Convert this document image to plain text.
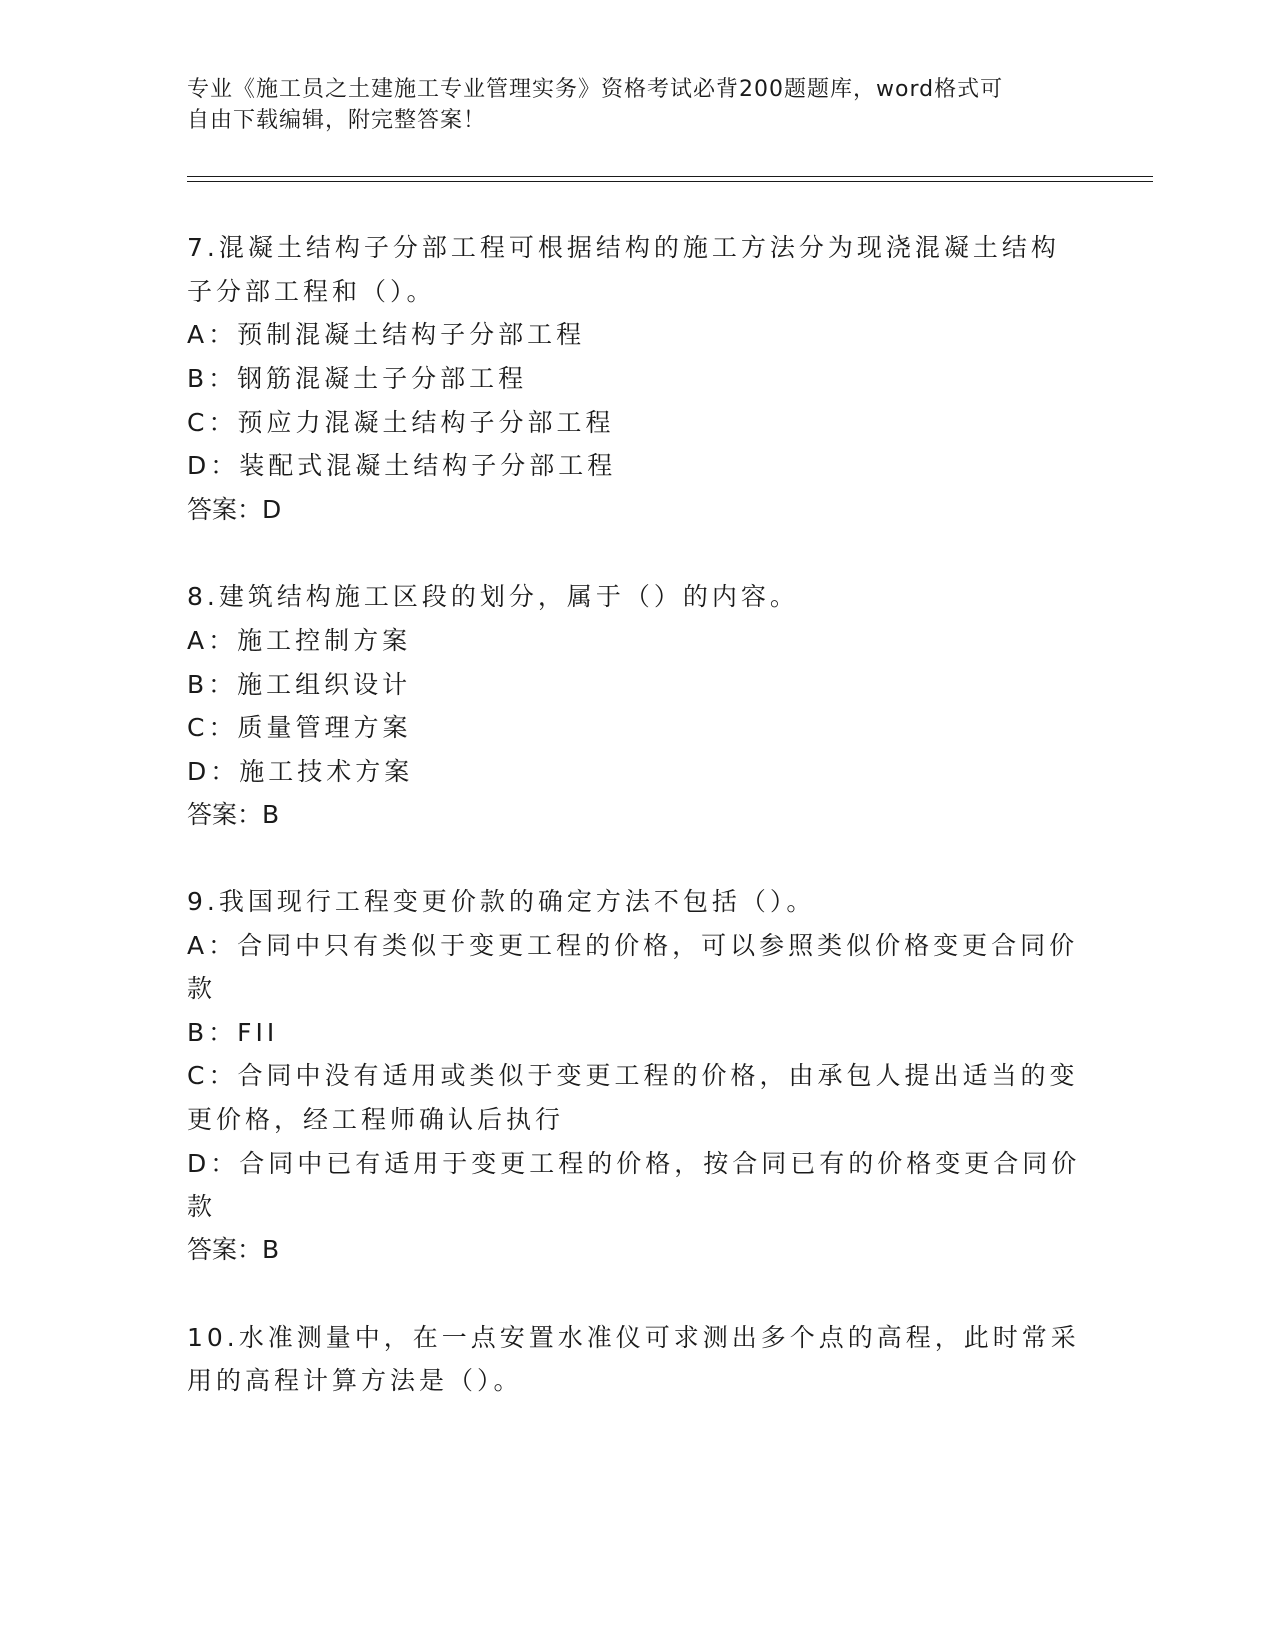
专业《施工员之土建施工专业管理实务》资格考试必背200题题库，word格式可
自由下载编辑，附完整答案！
7.混凝土结构子分部工程可根据结构的施工方法分为现浇混凝土结构
子分部工程和（）。
A：预制混凝土结构子分部工程
B：钢筋混凝土子分部工程
C：预应力混凝土结构子分部工程
D：装配式混凝土结构子分部工程
答案：D
8.建筑结构施工区段的划分，属于（）的内容。
A：施工控制方案
B：施工组织设计
C：质量管理方案
D：施工技术方案
答案：B
9.我国现行工程变更价款的确定方法不包括（）。
A：合同中只有类似于变更工程的价格，可以参照类似价格变更合同价
款
B：FII
C：合同中没有适用或类似于变更工程的价格，由承包人提出适当的变
更价格，经工程师确认后执行
D：合同中已有适用于变更工程的价格，按合同已有的价格变更合同价
款
答案：B
10.水准测量中，在一点安置水准仪可求测出多个点的高程，此时常采
用的高程计算方法是（）。
